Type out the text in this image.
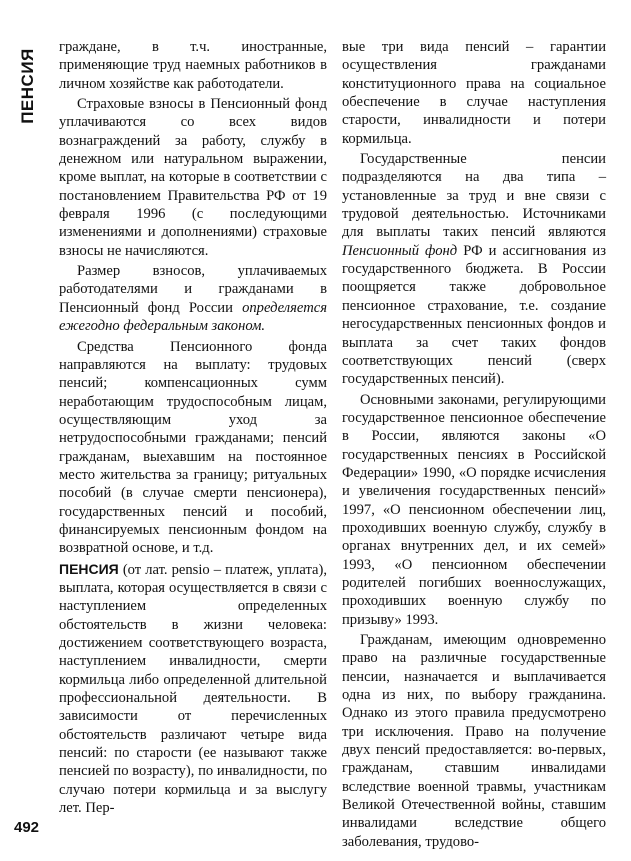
ПЕНСИЯ

граждане, в т.ч. иностранные, применяющие труд наемных работников в личном хозяйстве как работодатели.

Страховые взносы в Пенсионный фонд уплачиваются со всех видов вознаграждений за работу, службу в денежном или натуральном выражении, кроме выплат, на которые в соответствии с постановлением Правительства РФ от 19 февраля 1996 (с последующими изменениями и дополнениями) страховые взносы не начисляются.

Размер взносов, уплачиваемых работодателями и гражданами в Пенсионный фонд России определяется ежегодно федеральным законом.

Средства Пенсионного фонда направляются на выплату: трудовых пенсий; компенсационных сумм неработающим трудоспособным лицам, осуществляющим уход за нетрудоспособными гражданами; пенсий гражданам, выехавшим на постоянное место жительства за границу; ритуальных пособий (в случае смерти пенсионера), государственных пенсий и пособий, финансируемых пенсионным фондом на возвратной основе, и т.д.

ПЕНСИЯ (от лат. pensio – платеж, уплата), выплата, которая осуществляется в связи с наступлением определенных обстоятельств в жизни человека: достижением соответствующего возраста, наступлением инвалидности, смерти кормильца либо определенной длительной профессиональной деятельности. В зависимости от перечисленных обстоятельств различают четыре вида пенсий: по старости (ее называют также пенсией по возрасту), по инвалидности, по случаю потери кормильца и за выслугу лет. Пер-

вые три вида пенсий – гарантии осуществления гражданами конституционного права на социальное обеспечение в случае наступления старости, инвалидности и потери кормильца.

Государственные пенсии подразделяются на два типа – установленные за труд и вне связи с трудовой деятельностью. Источниками для выплаты таких пенсий являются Пенсионный фонд РФ и ассигнования из государственного бюджета. В России поощряется также добровольное пенсионное страхование, т.е. создание негосударственных пенсионных фондов и выплата за счет таких фондов соответствующих пенсий (сверх государственных пенсий).

Основными законами, регулирующими государственное пенсионное обеспечение в России, являются законы «О государственных пенсиях в Российской Федерации» 1990, «О порядке исчисления и увеличения государственных пенсий» 1997, «О пенсионном обеспечении лиц, проходивших военную службу, службу в органах внутренних дел, и их семей» 1993, «О пенсионном обеспечении родителей погибших военнослужащих, проходивших военную службу по призыву» 1993.

Гражданам, имеющим одновременно право на различные государственные пенсии, назначается и выплачивается одна из них, по выбору гражданина. Однако из этого правила предусмотрено три исключения. Право на получение двух пенсий предоставляется: во-первых, гражданам, ставшим инвалидами вследствие военной травмы, участникам Великой Отечественной войны, ставшим инвалидами вследствие общего заболевания, трудово-

492
